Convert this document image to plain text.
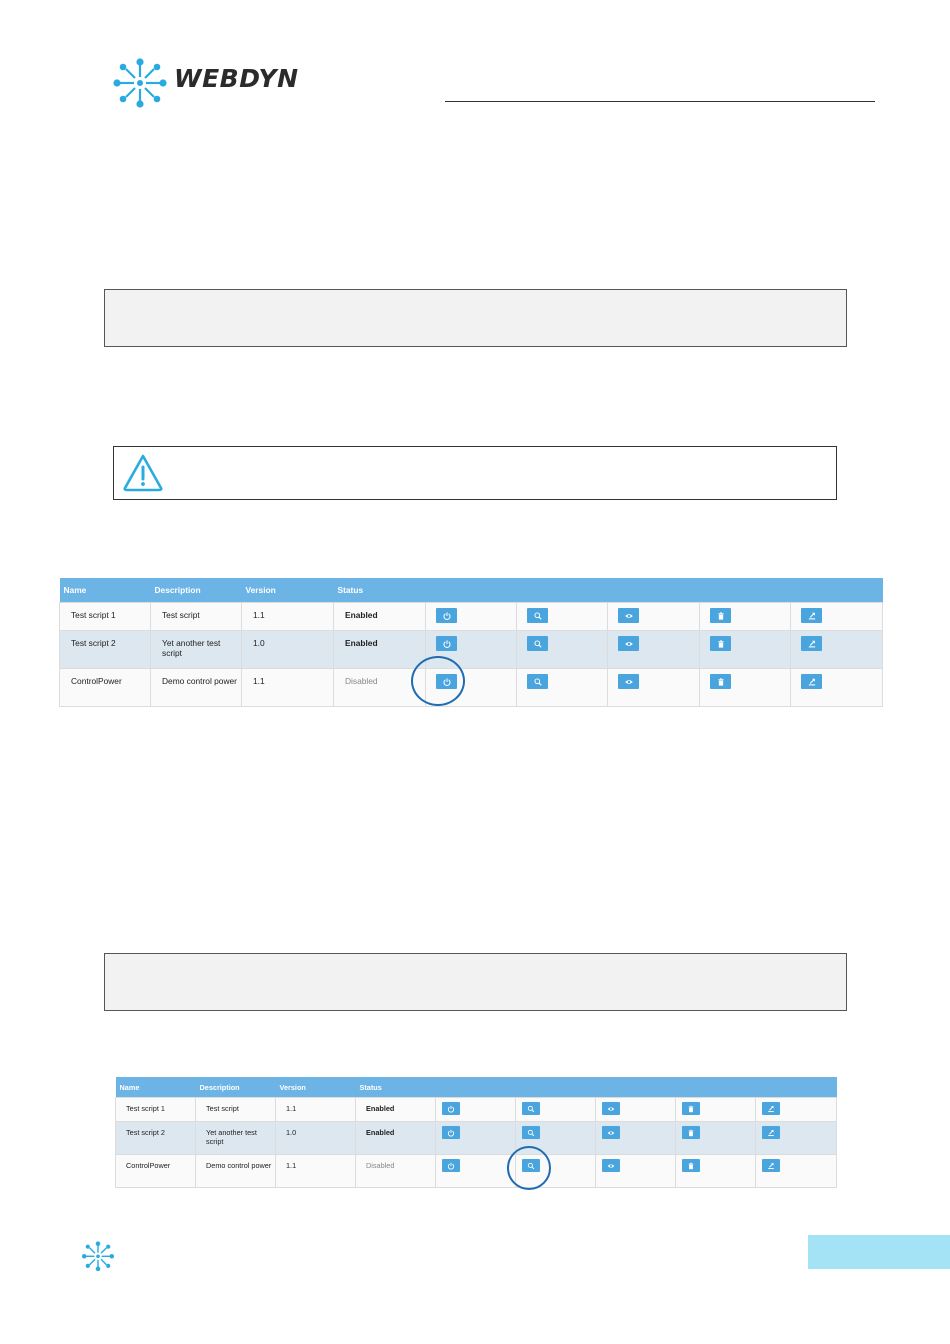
WEBDYN
Name	Description	Version	Status					
Test script 1	Test script	1.1	Enabled	

Test script 2	Yet another test script	1.0	Enabled	

ControlPower	Demo control power	1.1	Disabled	

Name	Description	Version	Status					
Test script 1	Test script	1.1	Enabled	

Test script 2	Yet another test script	1.0	Enabled	

ControlPower	Demo control power	1.1	Disabled	
